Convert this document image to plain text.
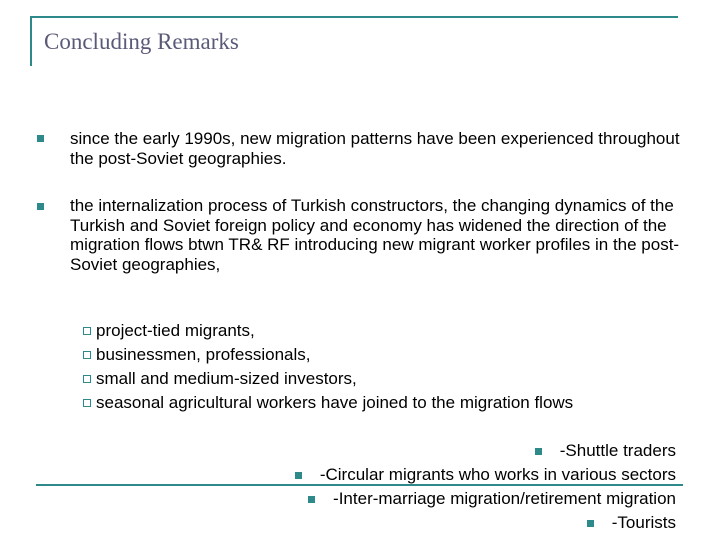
Concluding Remarks
since the early 1990s, new migration patterns have been experienced throughout the post-Soviet geographies.
the internalization process of Turkish constructors, the changing dynamics of the Turkish and Soviet foreign policy and economy has widened the direction of the migration flows btwn TR& RF introducing new migrant worker profiles in the post-Soviet geographies,
project-tied migrants,
businessmen, professionals,
small and medium-sized investors,
seasonal agricultural workers have joined to the migration flows
-Shuttle traders
-Circular migrants who works in various sectors
-Inter-marriage migration/retirement migration
-Tourists
